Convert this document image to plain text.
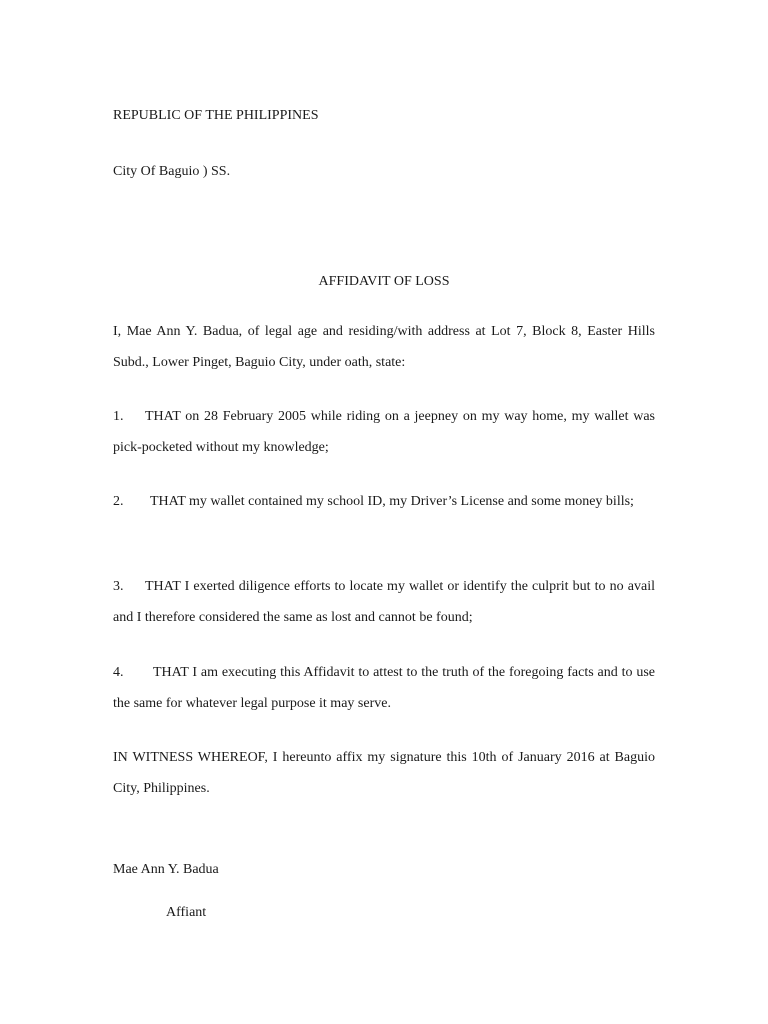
REPUBLIC OF THE PHILIPPINES

City Of Baguio ) SS.

AFFIDAVIT OF LOSS

I, Mae Ann Y. Badua, of legal age and residing/with address at Lot 7, Block 8, Easter Hills Subd., Lower Pinget, Baguio City, under oath, state:

1. THAT on 28 February 2005 while riding on a jeepney on my way home, my wallet was pick-pocketed without my knowledge;

2. THAT my wallet contained my school ID, my Driver’s License and some money bills;

3. THAT I exerted diligence efforts to locate my wallet or identify the culprit but to no avail and I therefore considered the same as lost and cannot be found;

4. THAT I am executing this Affidavit to attest to the truth of the foregoing facts and to use the same for whatever legal purpose it may serve.

IN WITNESS WHEREOF, I hereunto affix my signature this 10th of January 2016 at Baguio City, Philippines.

Mae Ann Y. Badua

Affiant
